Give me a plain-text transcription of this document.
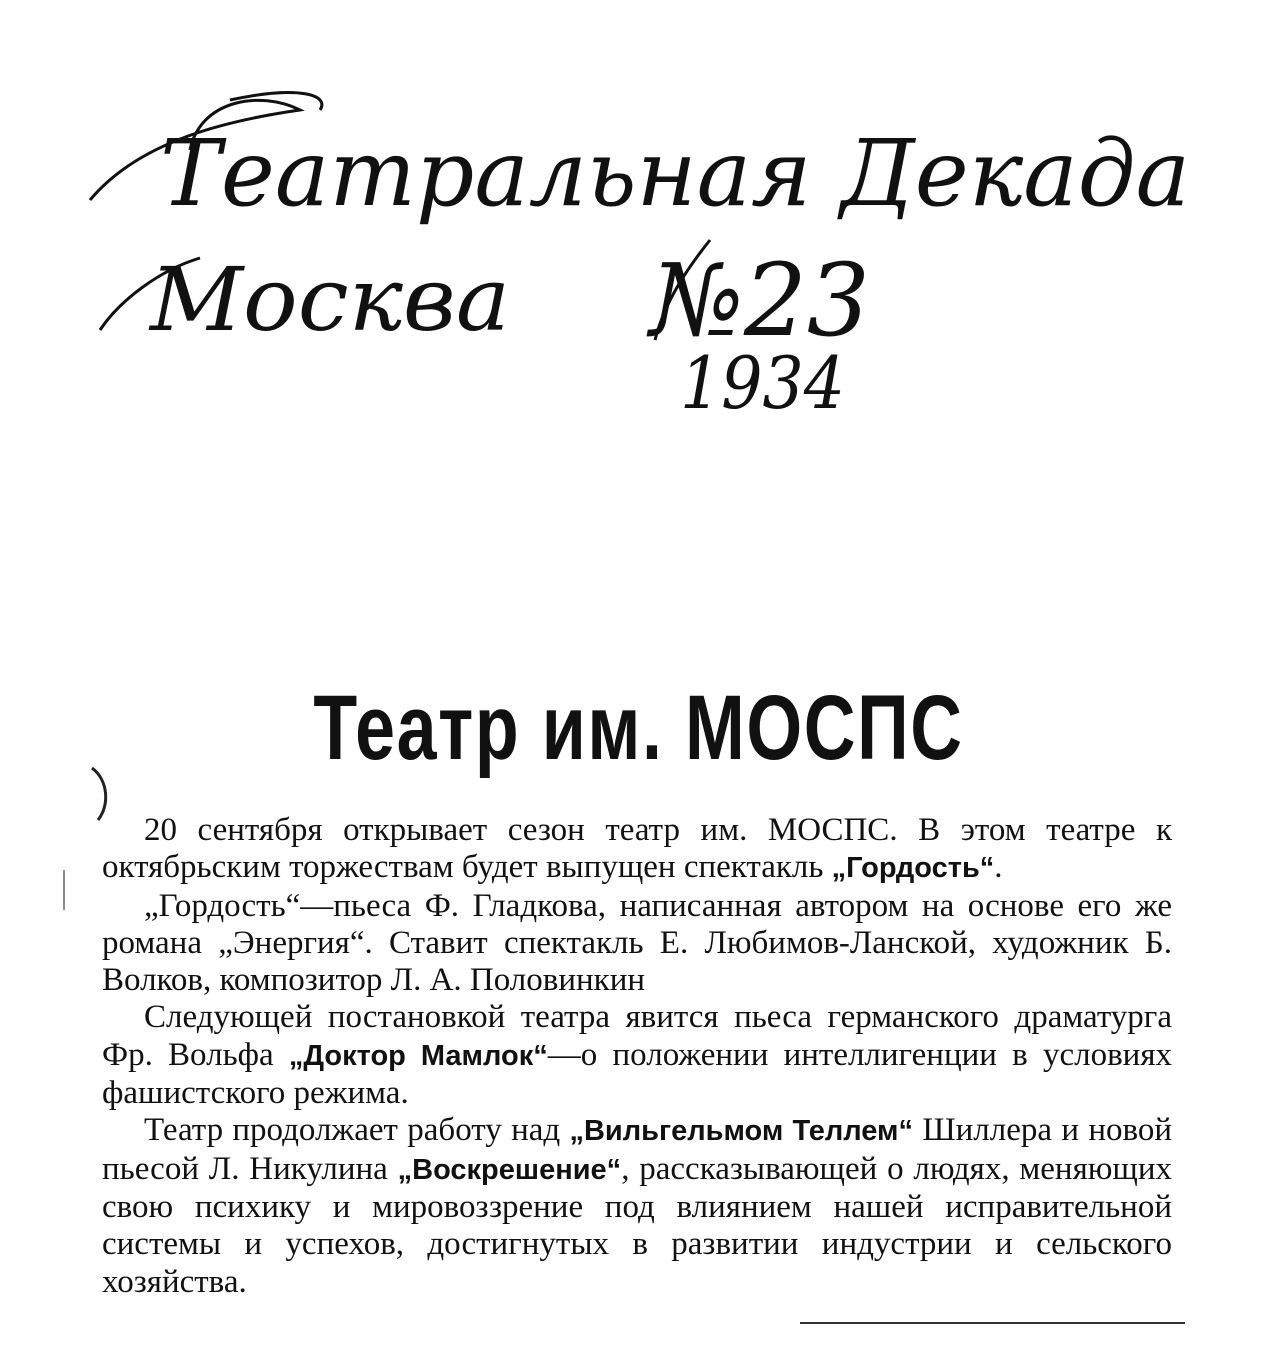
Театральная Декада
Москва №23
1934
Театр им. МОСПС

20 сентября открывает сезон театр им. МОСПС. В этом театре к октябрьским торжествам будет выпущен спектакль „Гордость“.

„Гордость“—пьеса Ф. Гладкова, написанная автором на основе его же романа „Энергия“. Ставит спектакль Е. Любимов-Ланской, художник Б. Волков, композитор Л. А. Половинкин

Следующей постановкой театра явится пьеса германского драматурга Фр. Вольфа „Доктор Мамлок“—о положении интеллигенции в условиях фашистского режима.

Театр продолжает работу над „Вильгельмом Теллем“ Шиллера и новой пьесой Л. Никулина „Воскрешение“, рассказывающей о людях, меняющих свою психику и мировоззрение под влиянием нашей исправительной системы и успехов, достигнутых в развитии индустрии и сельского хозяйства.
